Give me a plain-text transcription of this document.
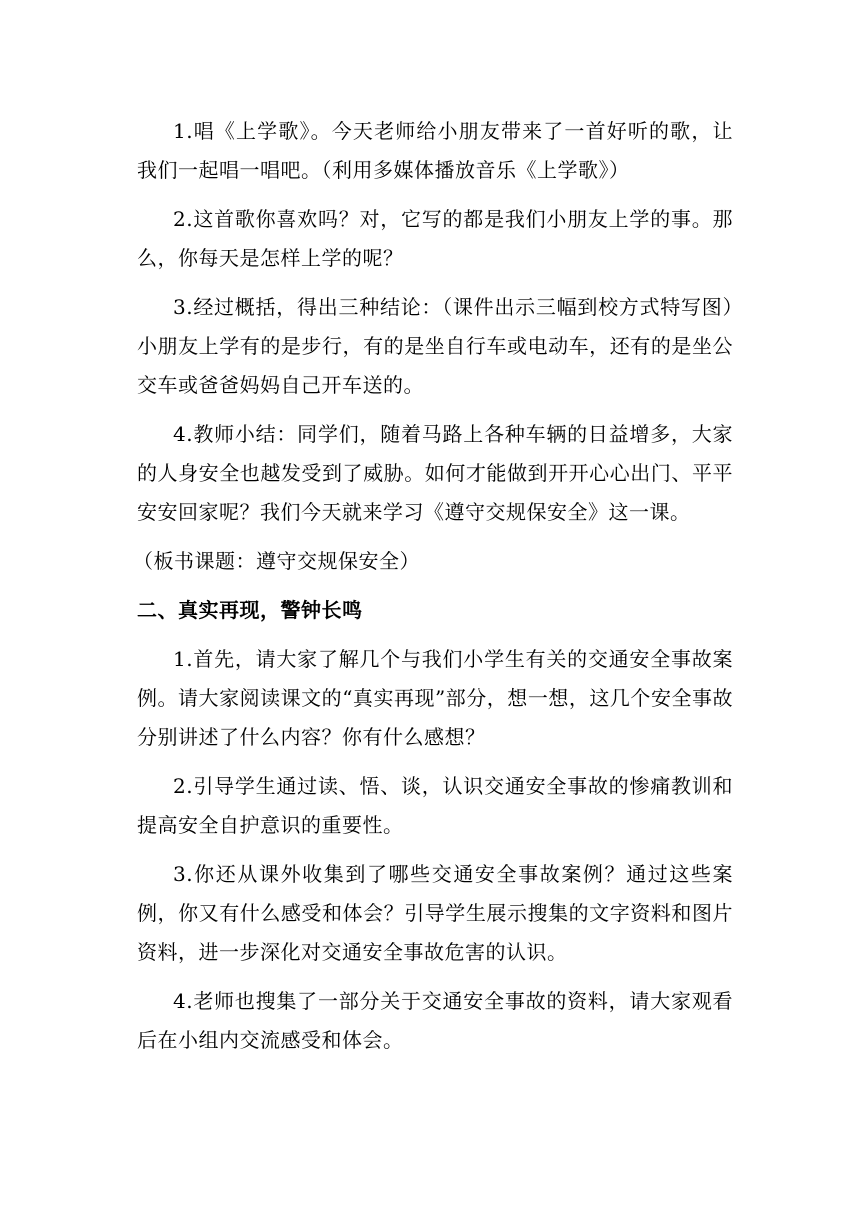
1.唱《上学歌》。今天老师给小朋友带来了一首好听的歌，让我们一起唱一唱吧。（利用多媒体播放音乐《上学歌》）

2.这首歌你喜欢吗？对，它写的都是我们小朋友上学的事。那么，你每天是怎样上学的呢？

3.经过概括，得出三种结论：（课件出示三幅到校方式特写图）小朋友上学有的是步行，有的是坐自行车或电动车，还有的是坐公交车或爸爸妈妈自己开车送的。

4.教师小结：同学们，随着马路上各种车辆的日益增多，大家的人身安全也越发受到了威胁。如何才能做到开开心心出门、平平安安回家呢？我们今天就来学习《遵守交规保安全》这一课。

（板书课题：遵守交规保安全）

二、真实再现，警钟长鸣

1.首先，请大家了解几个与我们小学生有关的交通安全事故案例。请大家阅读课文的“真实再现”部分，想一想，这几个安全事故分别讲述了什么内容？你有什么感想？

2.引导学生通过读、悟、谈，认识交通安全事故的惨痛教训和提高安全自护意识的重要性。

3.你还从课外收集到了哪些交通安全事故案例？通过这些案例，你又有什么感受和体会？引导学生展示搜集的文字资料和图片资料，进一步深化对交通安全事故危害的认识。

4.老师也搜集了一部分关于交通安全事故的资料，请大家观看后在小组内交流感受和体会。
